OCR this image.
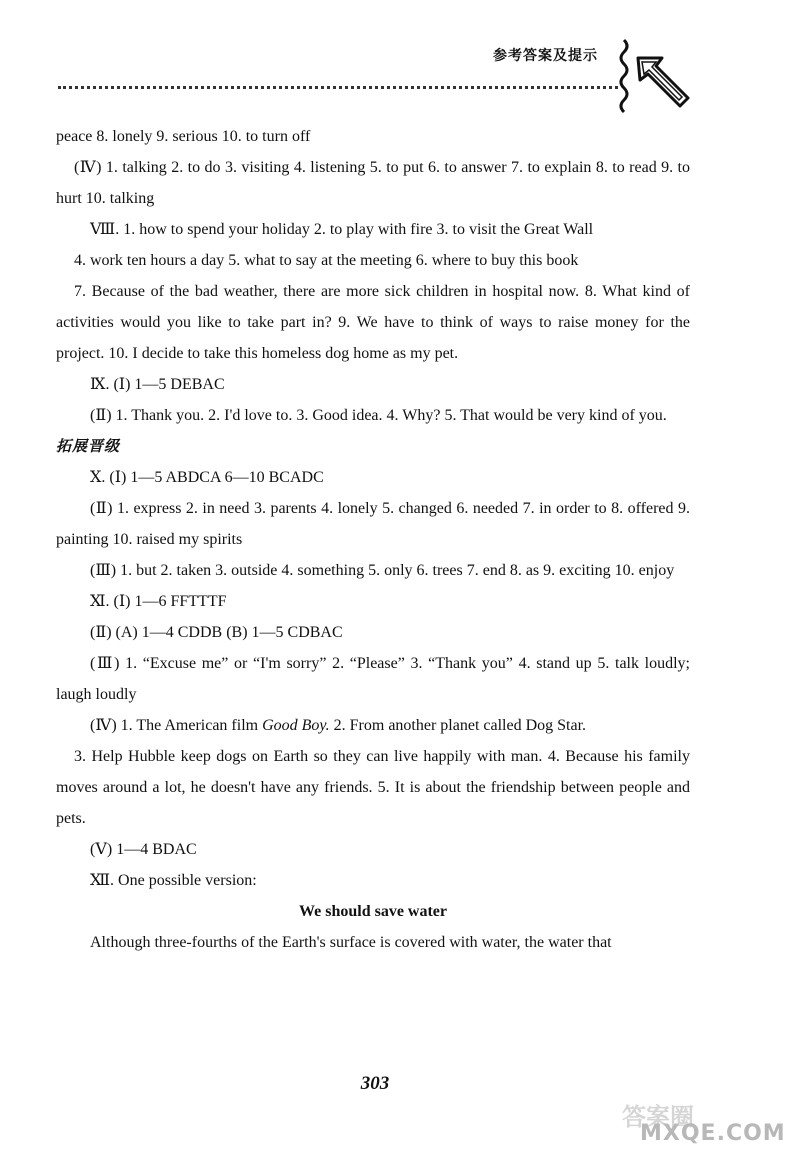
参考答案及提示

peace 8. lonely 9. serious 10. to turn off

(Ⅳ) 1. talking 2. to do 3. visiting 4. listening 5. to put 6. to answer 7. to explain 8. to read 9. to hurt 10. talking

Ⅷ. 1. how to spend your holiday 2. to play with fire 3. to visit the Great Wall

4. work ten hours a day 5. what to say at the meeting 6. where to buy this book

7. Because of the bad weather, there are more sick children in hospital now. 8. What kind of activities would you like to take part in? 9. We have to think of ways to raise money for the project. 10. I decide to take this homeless dog home as my pet.

Ⅸ. (Ⅰ) 1—5 DEBAC

(Ⅱ) 1. Thank you. 2. I'd love to. 3. Good idea. 4. Why? 5. That would be very kind of you.

拓展晋级

Ⅹ. (Ⅰ) 1—5 ABDCA 6—10 BCADC

(Ⅱ) 1. express 2. in need 3. parents 4. lonely 5. changed 6. needed 7. in order to 8. offered 9. painting 10. raised my spirits

(Ⅲ) 1. but 2. taken 3. outside 4. something 5. only 6. trees 7. end 8. as 9. exciting 10. enjoy

Ⅺ. (Ⅰ) 1—6 FFTTTF

(Ⅱ) (A) 1—4 CDDB (B) 1—5 CDBAC

(Ⅲ) 1. “Excuse me” or “I'm sorry” 2. “Please” 3. “Thank you” 4. stand up 5. talk loudly; laugh loudly

(Ⅳ) 1. The American film Good Boy. 2. From another planet called Dog Star.

3. Help Hubble keep dogs on Earth so they can live happily with man. 4. Because his family moves around a lot, he doesn't have any friends. 5. It is about the friendship between people and pets.

(Ⅴ) 1—4 BDAC

Ⅻ. One possible version:

We should save water

Although three-fourths of the Earth's surface is covered with water, the water that

303
答案圈
MXQE.COM
